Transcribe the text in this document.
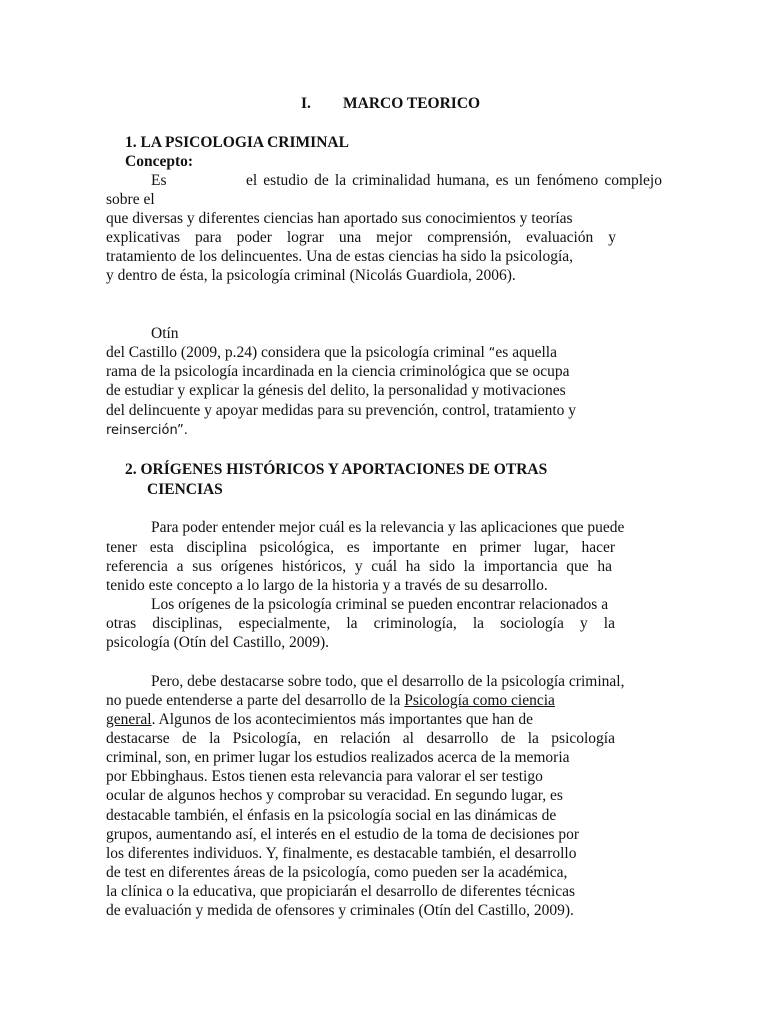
I. MARCO TEORICO
1. LA PSICOLOGIA CRIMINAL
Concepto:
Es	el estudio de la criminalidad humana, es un fenómeno complejo
sobre el
que diversas y diferentes ciencias han aportado sus conocimientos y teorías
explicativas para poder lograr una mejor comprensión, evaluación y
tratamiento de los delincuentes. Una de estas ciencias ha sido la psicología,
y dentro de ésta, la psicología criminal (Nicolás Guardiola, 2006).
Otín
del Castillo (2009, p.24) considera que la psicología criminal “es aquella
rama de la psicología incardinada en la ciencia criminológica que se ocupa
de estudiar y explicar la génesis del delito, la personalidad y motivaciones
del delincuente y apoyar medidas para su prevención, control, tratamiento y
reinserción”.
2. ORÍGENES HISTÓRICOS Y APORTACIONES DE OTRAS
CIENCIAS
Para poder entender mejor cuál es la relevancia y las aplicaciones que puede
tener esta disciplina psicológica, es importante en primer lugar, hacer
referencia a sus orígenes históricos, y cuál ha sido la importancia que ha
tenido este concepto a lo largo de la historia y a través de su desarrollo.
Los orígenes de la psicología criminal se pueden encontrar relacionados a
otras disciplinas, especialmente, la criminología, la sociología y la
psicología (Otín del Castillo, 2009).
Pero, debe destacarse sobre todo, que el desarrollo de la psicología criminal,
no puede entenderse a parte del desarrollo de la Psicología como ciencia
general. Algunos de los acontecimientos más importantes que han de
destacarse de la Psicología, en relación al desarrollo de la psicología
criminal, son, en primer lugar los estudios realizados acerca de la memoria
por Ebbinghaus. Estos tienen esta relevancia para valorar el ser testigo
ocular de algunos hechos y comprobar su veracidad. En segundo lugar, es
destacable también, el énfasis en la psicología social en las dinámicas de
grupos, aumentando así, el interés en el estudio de la toma de decisiones por
los diferentes individuos. Y, finalmente, es destacable también, el desarrollo
de test en diferentes áreas de la psicología, como pueden ser la académica,
la clínica o la educativa, que propiciarán el desarrollo de diferentes técnicas
de evaluación y medida de ofensores y criminales (Otín del Castillo, 2009).
